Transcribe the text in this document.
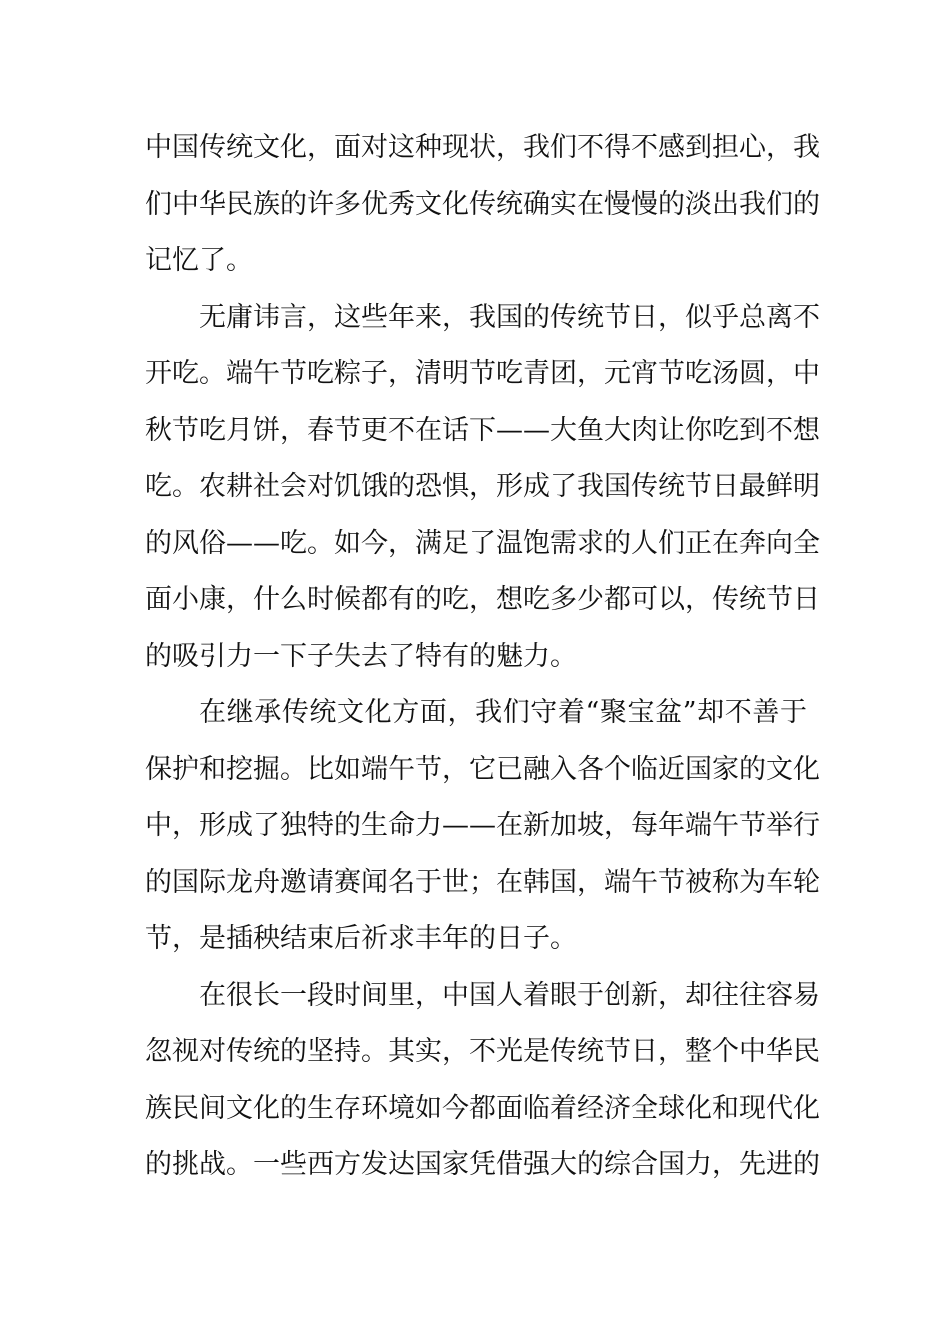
中国传统文化，面对这种现状，我们不得不感到担心，我
们中华民族的许多优秀文化传统确实在慢慢的淡出我们的
记忆了。
无庸讳言，这些年来，我国的传统节日，似乎总离不
开吃。端午节吃粽子，清明节吃青团，元宵节吃汤圆，中
秋节吃月饼，春节更不在话下——大鱼大肉让你吃到不想
吃。农耕社会对饥饿的恐惧，形成了我国传统节日最鲜明
的风俗——吃。如今，满足了温饱需求的人们正在奔向全
面小康，什么时候都有的吃，想吃多少都可以，传统节日
的吸引力一下子失去了特有的魅力。
在继承传统文化方面，我们守着“聚宝盆”却不善于
保护和挖掘。比如端午节，它已融入各个临近国家的文化
中，形成了独特的生命力——在新加坡，每年端午节举行
的国际龙舟邀请赛闻名于世；在韩国，端午节被称为车轮
节，是插秧结束后祈求丰年的日子。
在很长一段时间里，中国人着眼于创新，却往往容易
忽视对传统的坚持。其实，不光是传统节日，整个中华民
族民间文化的生存环境如今都面临着经济全球化和现代化
的挑战。一些西方发达国家凭借强大的综合国力，先进的
